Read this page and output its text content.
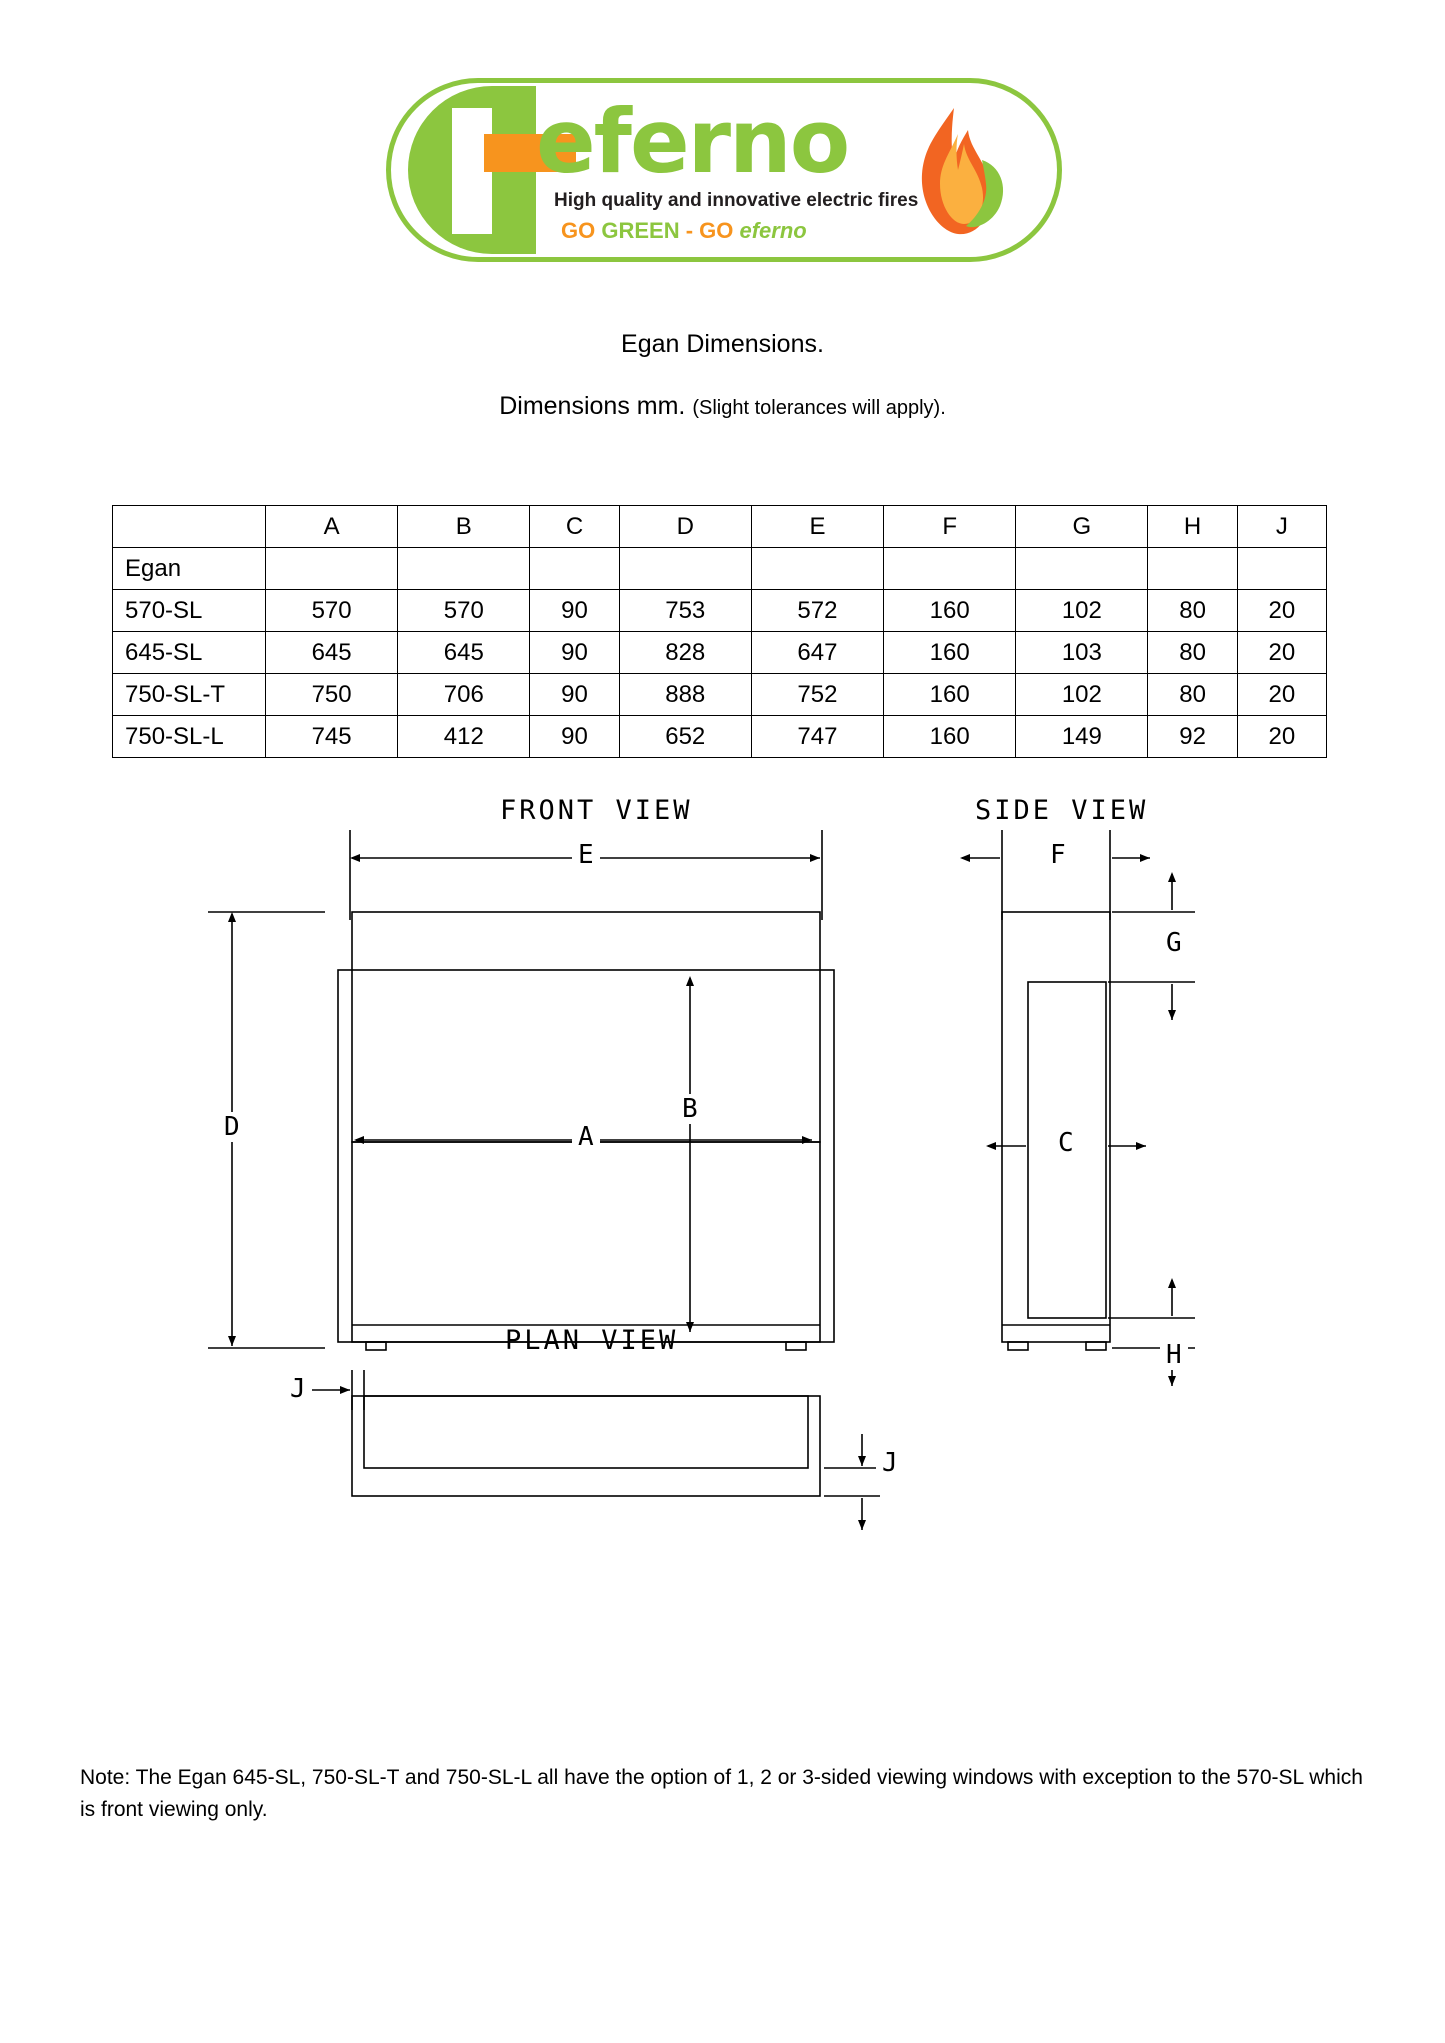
eferno
High quality and innovative electric fires
GO GREEN - GO eferno
Egan Dimensions.
Dimensions mm. (Slight tolerances will apply).
	A	B	C	D	E	F	G	H	J
Egan									
570-SL	570	570	90	753	572	160	102	80	20
645-SL	645	645	90	828	647	160	103	80	20
750-SL-T	750	706	90	888	752	160	102	80	20
750-SL-L	745	412	90	652	747	160	149	92	20
FRONT VIEW	SIDE VIEW
PLAN VIEW
E
D	A
B
F
G
C
H
J
J
Note: The Egan 645-SL, 750-SL-T and 750-SL-L all have the option of 1, 2 or 3-sided viewing windows with exception to the 570-SL which is front viewing only.
